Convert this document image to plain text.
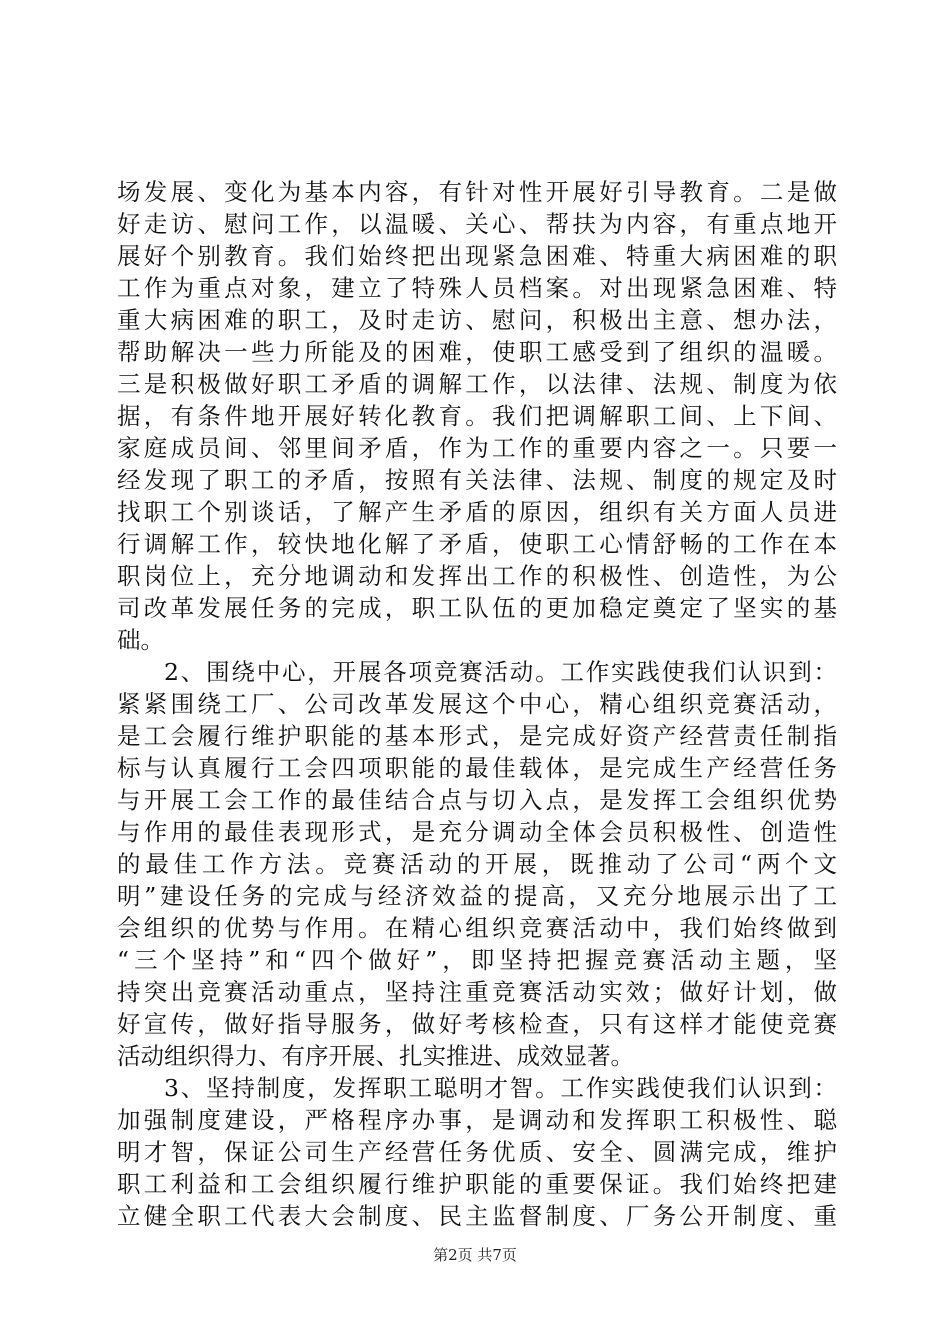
场发展、变化为基本内容，有针对性开展好引导教育。二是做
好走访、慰问工作，以温暖、关心、帮扶为内容，有重点地开
展好个别教育。我们始终把出现紧急困难、特重大病困难的职
工作为重点对象，建立了特殊人员档案。对出现紧急困难、特
重大病困难的职工，及时走访、慰问，积极出主意、想办法，
帮助解决一些力所能及的困难，使职工感受到了组织的温暖。
三是积极做好职工矛盾的调解工作，以法律、法规、制度为依
据，有条件地开展好转化教育。我们把调解职工间、上下间、
家庭成员间、邻里间矛盾，作为工作的重要内容之一。只要一
经发现了职工的矛盾，按照有关法律、法规、制度的规定及时
找职工个别谈话，了解产生矛盾的原因，组织有关方面人员进
行调解工作，较快地化解了矛盾，使职工心情舒畅的工作在本
职岗位上，充分地调动和发挥出工作的积极性、创造性，为公
司改革发展任务的完成，职工队伍的更加稳定奠定了坚实的基
础。
2、围绕中心，开展各项竞赛活动。工作实践使我们认识到：
紧紧围绕工厂、公司改革发展这个中心，精心组织竞赛活动，
是工会履行维护职能的基本形式，是完成好资产经营责任制指
标与认真履行工会四项职能的最佳载体，是完成生产经营任务
与开展工会工作的最佳结合点与切入点，是发挥工会组织优势
与作用的最佳表现形式，是充分调动全体会员积极性、创造性
的最佳工作方法。竞赛活动的开展，既推动了公司“两个文
明”建设任务的完成与经济效益的提高，又充分地展示出了工
会组织的优势与作用。在精心组织竞赛活动中，我们始终做到
“三个坚持”和“四个做好”，即坚持把握竞赛活动主题，坚
持突出竞赛活动重点，坚持注重竞赛活动实效；做好计划，做
好宣传，做好指导服务，做好考核检查，只有这样才能使竞赛
活动组织得力、有序开展、扎实推进、成效显著。
3、坚持制度，发挥职工聪明才智。工作实践使我们认识到：
加强制度建设，严格程序办事，是调动和发挥职工积极性、聪
明才智，保证公司生产经营任务优质、安全、圆满完成，维护
职工利益和工会组织履行维护职能的重要保证。我们始终把建
立健全职工代表大会制度、民主监督制度、厂务公开制度、重
第2页 共7页
